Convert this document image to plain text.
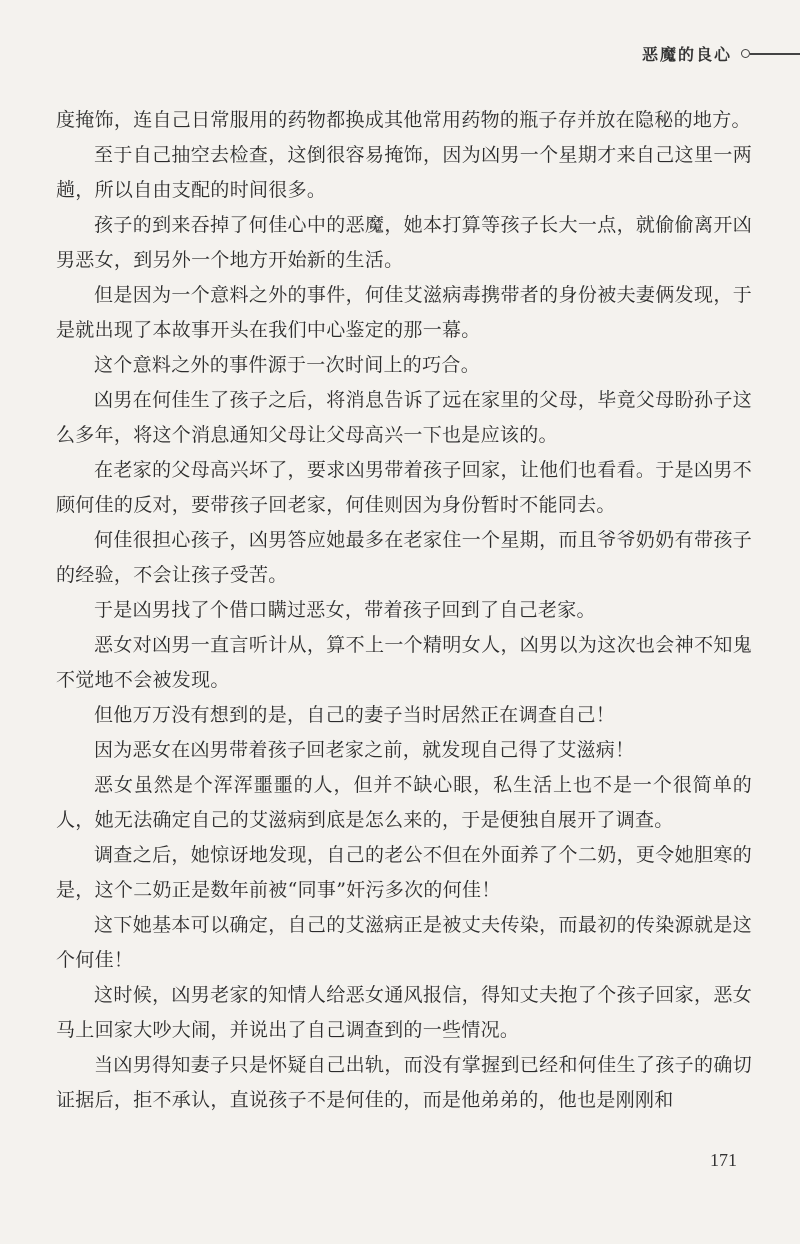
恶魔的良心

度掩饰，连自己日常服用的药物都换成其他常用药物的瓶子存并放在隐秘的地方。

至于自己抽空去检查，这倒很容易掩饰，因为凶男一个星期才来自己这里一两趟，所以自由支配的时间很多。

孩子的到来吞掉了何佳心中的恶魔，她本打算等孩子长大一点，就偷偷离开凶男恶女，到另外一个地方开始新的生活。

但是因为一个意料之外的事件，何佳艾滋病毒携带者的身份被夫妻俩发现，于是就出现了本故事开头在我们中心鉴定的那一幕。

这个意料之外的事件源于一次时间上的巧合。

凶男在何佳生了孩子之后，将消息告诉了远在家里的父母，毕竟父母盼孙子这么多年，将这个消息通知父母让父母高兴一下也是应该的。

在老家的父母高兴坏了，要求凶男带着孩子回家，让他们也看看。于是凶男不顾何佳的反对，要带孩子回老家，何佳则因为身份暂时不能同去。

何佳很担心孩子，凶男答应她最多在老家住一个星期，而且爷爷奶奶有带孩子的经验，不会让孩子受苦。

于是凶男找了个借口瞒过恶女，带着孩子回到了自己老家。

恶女对凶男一直言听计从，算不上一个精明女人，凶男以为这次也会神不知鬼不觉地不会被发现。

但他万万没有想到的是，自己的妻子当时居然正在调查自己！

因为恶女在凶男带着孩子回老家之前，就发现自己得了艾滋病！

恶女虽然是个浑浑噩噩的人，但并不缺心眼，私生活上也不是一个很简单的人，她无法确定自己的艾滋病到底是怎么来的，于是便独自展开了调查。

调查之后，她惊讶地发现，自己的老公不但在外面养了个二奶，更令她胆寒的是，这个二奶正是数年前被“同事”奸污多次的何佳！

这下她基本可以确定，自己的艾滋病正是被丈夫传染，而最初的传染源就是这个何佳！

这时候，凶男老家的知情人给恶女通风报信，得知丈夫抱了个孩子回家，恶女马上回家大吵大闹，并说出了自己调查到的一些情况。

当凶男得知妻子只是怀疑自己出轨，而没有掌握到已经和何佳生了孩子的确切证据后，拒不承认，直说孩子不是何佳的，而是他弟弟的，他也是刚刚和

171
